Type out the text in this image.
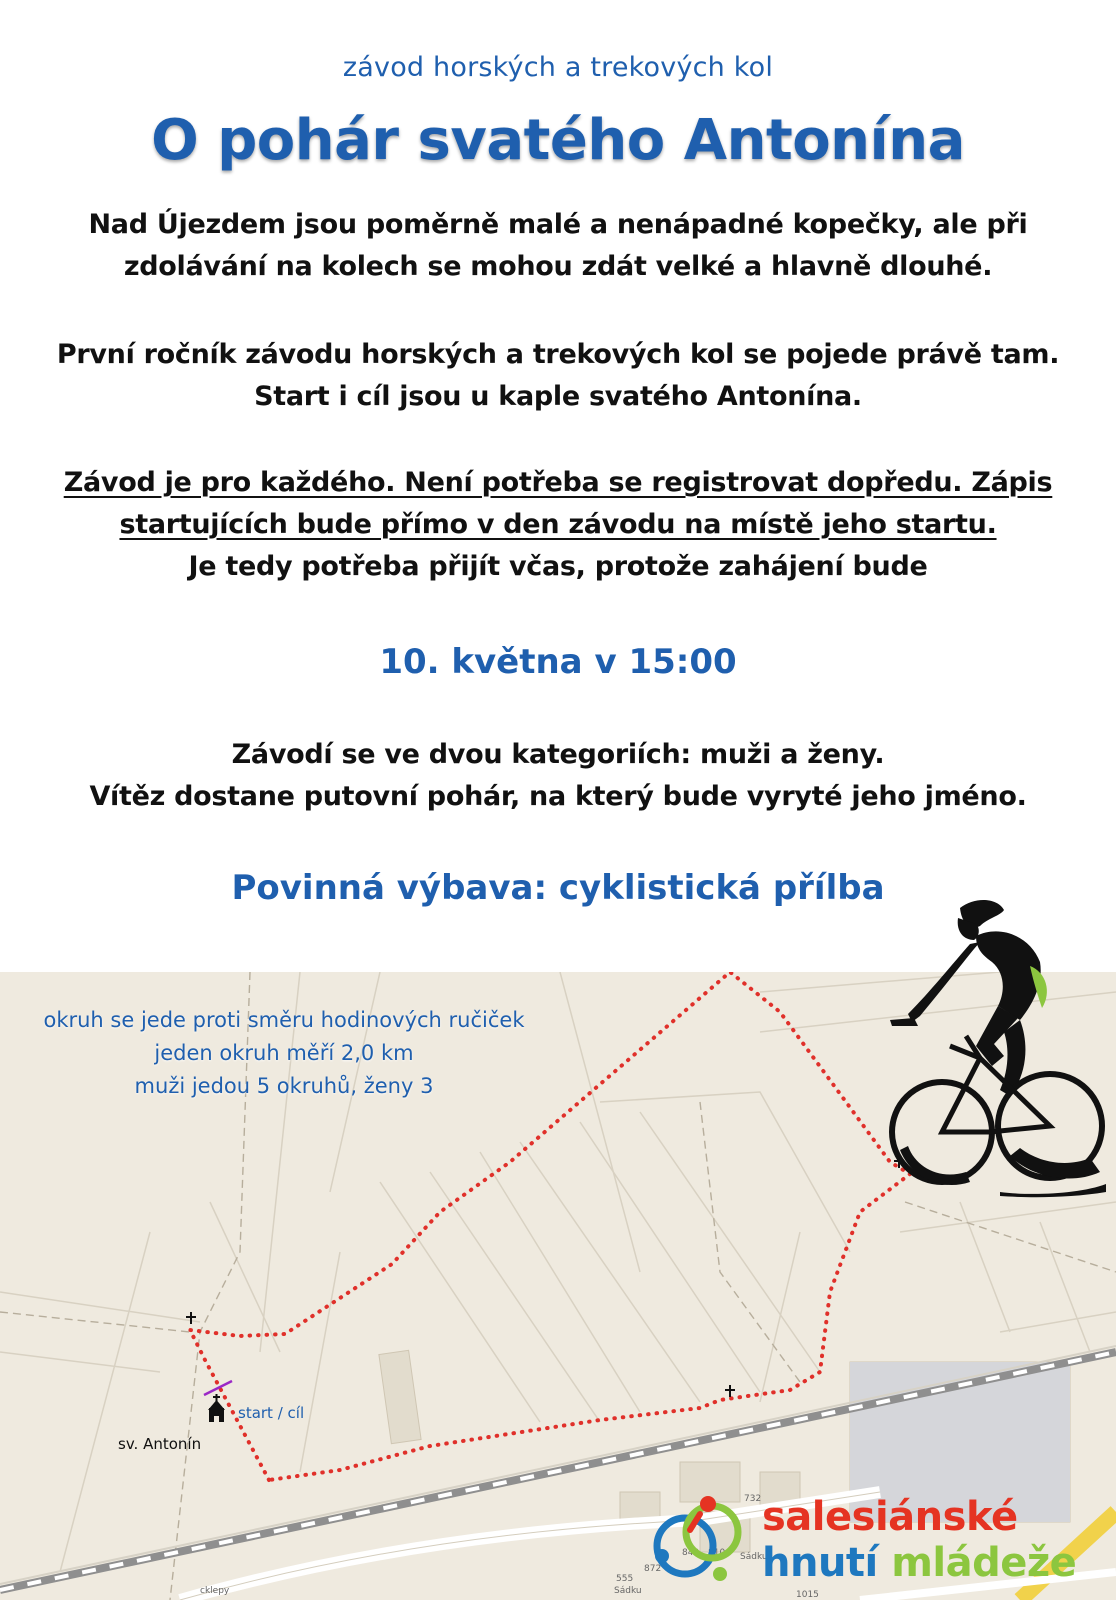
závod horských a trekových kol
O pohár svatého Antonína
Nad Újezdem jsou poměrně malé a nenápadné kopečky, ale při
zdolávání na kolech se mohou zdát velké a hlavně dlouhé.
První ročník závodu horských a trekových kol se pojede právě tam.
Start i cíl jsou u kaple svatého Antonína.
Závod je pro každého. Není potřeba se registrovat dopředu. Zápis
startujících bude přímo v den závodu na místě jeho startu.
Je tedy potřeba přijít včas, protože zahájení bude
10. května v 15:00
Závodí se ve dvou kategoriích: muži a ženy.
Vítěz dostane putovní pohár, na který bude vyryté jeho jméno.
Povinná výbava: cyklistická přílba
okruh se jede proti směru hodinových ručiček
jeden okruh měří 2,0 km
muži jedou 5 okruhů, ženy 3
start / cíl
sv. Antonín
cklepy	Sádku
Sádku
732
872
810
849
1015
555
salesiánské
hnutí mládeže
